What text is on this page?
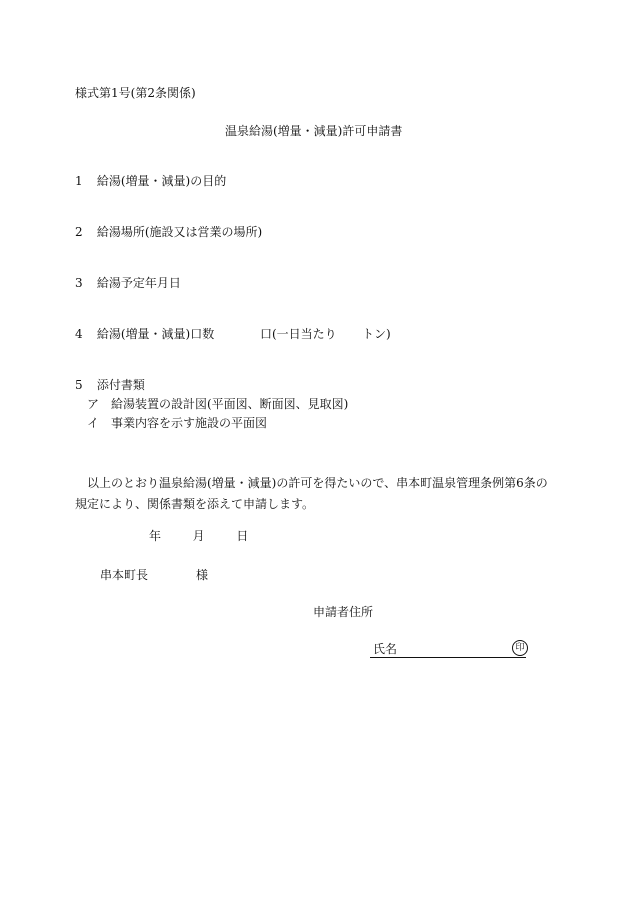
様式第1号(第2条関係)
温泉給湯(増量・減量)許可申請書
1 給湯(増量・減量)の目的
2 給湯場所(施設又は営業の場所)
3 給湯予定年月日
4 給湯(増量・減量)口数	口(一日当たり トン)
5 添付書類
ア　給湯装置の設計図(平面図、断面図、見取図)
イ　事業内容を示す施設の平面図
以上のとおり温泉給湯(増量・減量)の許可を得たいので、串本町温泉管理条例第6条の規定により、関係書類を添えて申請します。
年	月	日
串本町長	様
申請者住所
氏名	印
